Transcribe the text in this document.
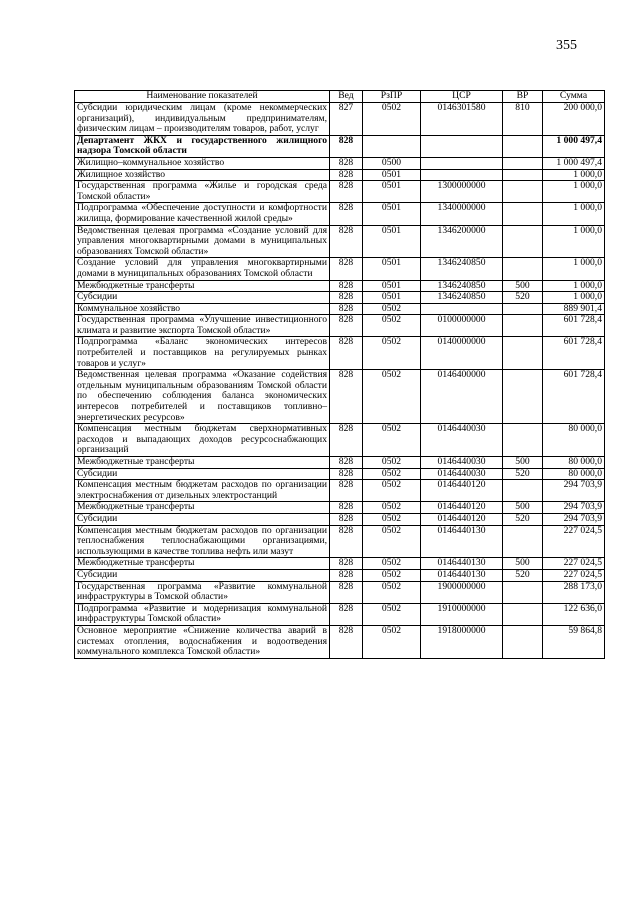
355
Наименование показателей	Вед	РзПР	ЦСР	ВР	Сумма
Субсидии юридическим лицам (кроме некоммерческих организаций), индивидуальным предпринимателям, физическим лицам – производителям товаров, работ, услуг	827	0502	0146301580	810	200 000,0
Департамент ЖКХ и государственного жилищного надзора Томской области	828				1 000 497,4
Жилищно–коммунальное хозяйство	828	0500			1 000 497,4
Жилищное хозяйство	828	0501			1 000,0
Государственная программа «Жилье и городская среда Томской области»	828	0501	1300000000		1 000,0
Подпрограмма «Обеспечение доступности и комфортности жилища, формирование качественной жилой среды»	828	0501	1340000000		1 000,0
Ведомственная целевая программа «Создание условий для управления многоквартирными домами в муниципальных образованиях Томской области»	828	0501	1346200000		1 000,0
Создание условий для управления многоквартирными домами в муниципальных образованиях Томской области	828	0501	1346240850		1 000,0
Межбюджетные трансферты	828	0501	1346240850	500	1 000,0
Субсидии	828	0501	1346240850	520	1 000,0
Коммунальное хозяйство	828	0502			889 901,4
Государственная программа «Улучшение инвестиционного климата и развитие экспорта Томской области»	828	0502	0100000000		601 728,4
Подпрограмма «Баланс экономических интересов потребителей и поставщиков на регулируемых рынках товаров и услуг»	828	0502	0140000000		601 728,4
Ведомственная целевая программа «Оказание содействия отдельным муниципальным образованиям Томской области по обеспечению соблюдения баланса экономических интересов потребителей и поставщиков топливно–энергетических ресурсов»	828	0502	0146400000		601 728,4
Компенсация местным бюджетам сверхнормативных расходов и выпадающих доходов ресурсоснабжающих организаций	828	0502	0146440030		80 000,0
Межбюджетные трансферты	828	0502	0146440030	500	80 000,0
Субсидии	828	0502	0146440030	520	80 000,0
Компенсация местным бюджетам расходов по организации электроснабжения от дизельных электростанций	828	0502	0146440120		294 703,9
Межбюджетные трансферты	828	0502	0146440120	500	294 703,9
Субсидии	828	0502	0146440120	520	294 703,9
Компенсация местным бюджетам расходов по организации теплоснабжения теплоснабжающими организациями, использующими в качестве топлива нефть или мазут	828	0502	0146440130		227 024,5
Межбюджетные трансферты	828	0502	0146440130	500	227 024,5
Субсидии	828	0502	0146440130	520	227 024,5
Государственная программа «Развитие коммунальной инфраструктуры в Томской области»	828	0502	1900000000		288 173,0
Подпрограмма «Развитие и модернизация коммунальной инфраструктуры Томской области»	828	0502	1910000000		122 636,0
Основное мероприятие «Снижение количества аварий в системах отопления, водоснабжения и водоотведения коммунального комплекса Томской области»	828	0502	1918000000		59 864,8
